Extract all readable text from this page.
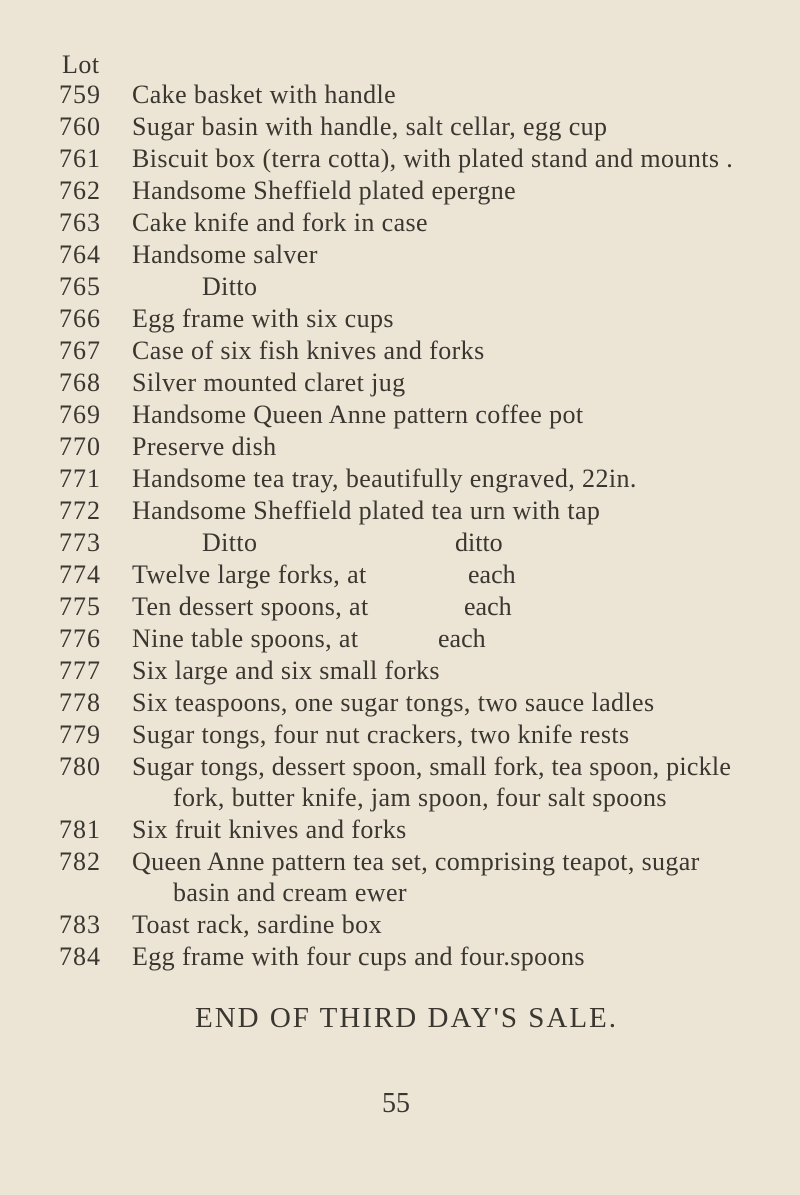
Lot
759 Cake basket with handle
760 Sugar basin with handle, salt cellar, egg cup
761 Biscuit box (terra cotta), with plated stand and mounts .
762 Handsome Sheffield plated epergne
763 Cake knife and fork in case
764 Handsome salver
765	Ditto
766 Egg frame with six cups
767 Case of six fish knives and forks
768 Silver mounted claret jug
769 Handsome Queen Anne pattern coffee pot
770 Preserve dish
771 Handsome tea tray, beautifully engraved, 22in.
772 Handsome Sheffield plated tea urn with tap
773	Ditto	ditto
774 Twelve large forks, at	each
775 Ten dessert spoons, at	each
776 Nine table spoons, at	each
777 Six large and six small forks
778 Six teaspoons, one sugar tongs, two sauce ladles
779 Sugar tongs, four nut crackers, two knife rests
780 Sugar tongs, dessert spoon, small fork, tea spoon, pickle
fork, butter knife, jam spoon, four salt spoons
781 Six fruit knives and forks
782 Queen Anne pattern tea set, comprising teapot, sugar
basin and cream ewer
783 Toast rack, sardine box
784 Egg frame with four cups and four.spoons
END OF THIRD DAY'S SALE.
55
